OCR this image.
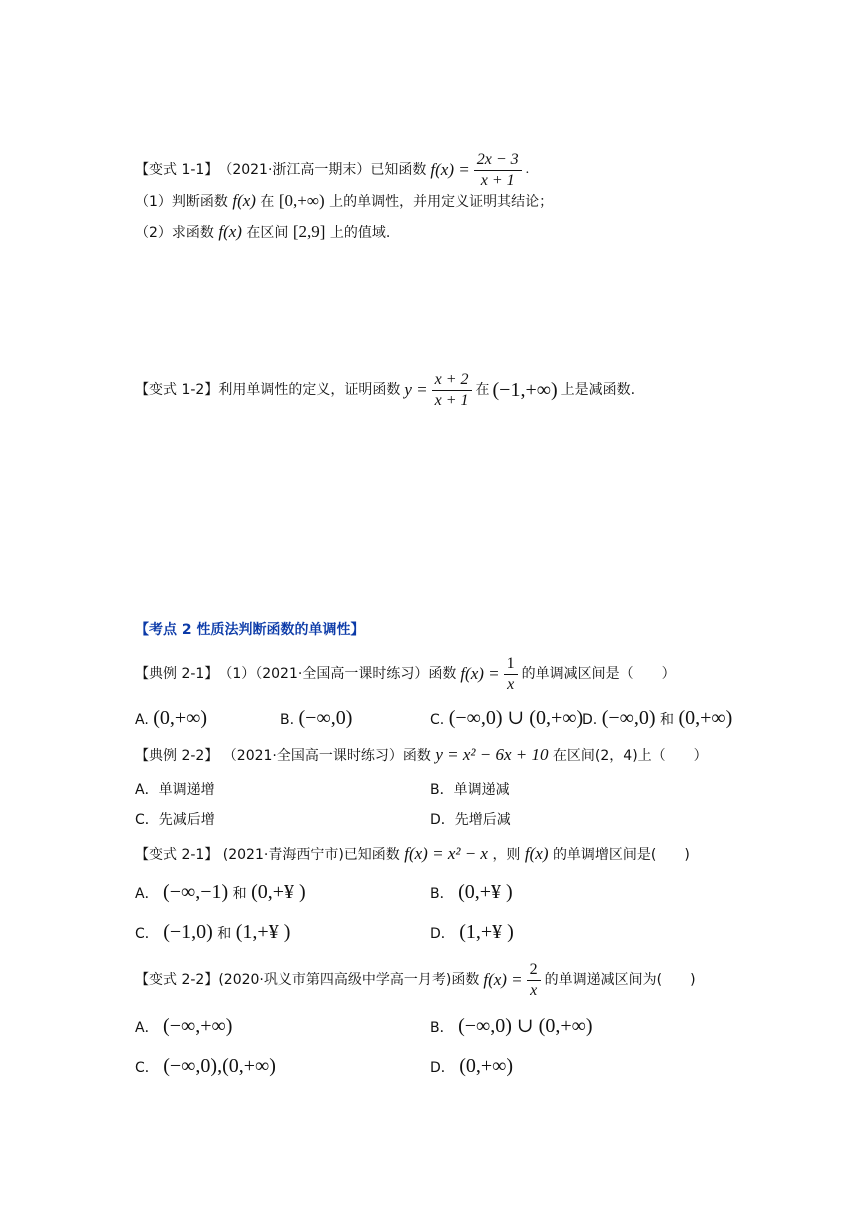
【变式 1-1】 （2021·浙江高一期末）已知函数 $f(x) = \frac{2x - 3}{x + 1}$ .
（1）判断函数 f(x) 在 [0,+∞) 上的单调性，并用定义证明其结论；
（2）求函数 f(x) 在区间 [2,9] 上的值域.
【变式 1-2】 利用单调性的定义，证明函数 $y = \frac{x + 2}{x + 1}$ 在 (−1,+∞) 上是减函数.
【考点 2 性质法判断函数的单调性】
【典例 2-1】 （1）（2021·全国高一课时练习）函数 $f(x) = \frac{1}{x}$ 的单调减区间是（　　）
A. (0,+∞)	B. (−∞,0)	C. (−∞,0) ∪ (0,+∞)
D. (−∞,0) 和 (0,+∞)
【典例 2-2】 （2021·全国高一课时练习）函数 y = x² − 6x + 10 在区间(2，4)上（　　）
A．单调递增	B．单调递减
C．先减后增	D．先增后减
【变式 2-1】 (2021·青海西宁市)已知函数 f(x) = x² − x ，则 f(x) 的单调增区间是(　　)
A． (−∞,−1) 和 (0,+¥ )	B． (0,+¥ )
C． (−1,0) 和 (1,+¥ )	D． (1,+¥ )
【变式 2-2】 (2020·巩义市第四高级中学高一月考)函数 $f(x) = \frac{2}{x}$ 的单调递减区间为(　　)
A． (−∞,+∞)	B． (−∞,0) ∪ (0,+∞)
C． (−∞,0),(0,+∞)	D． (0,+∞)
